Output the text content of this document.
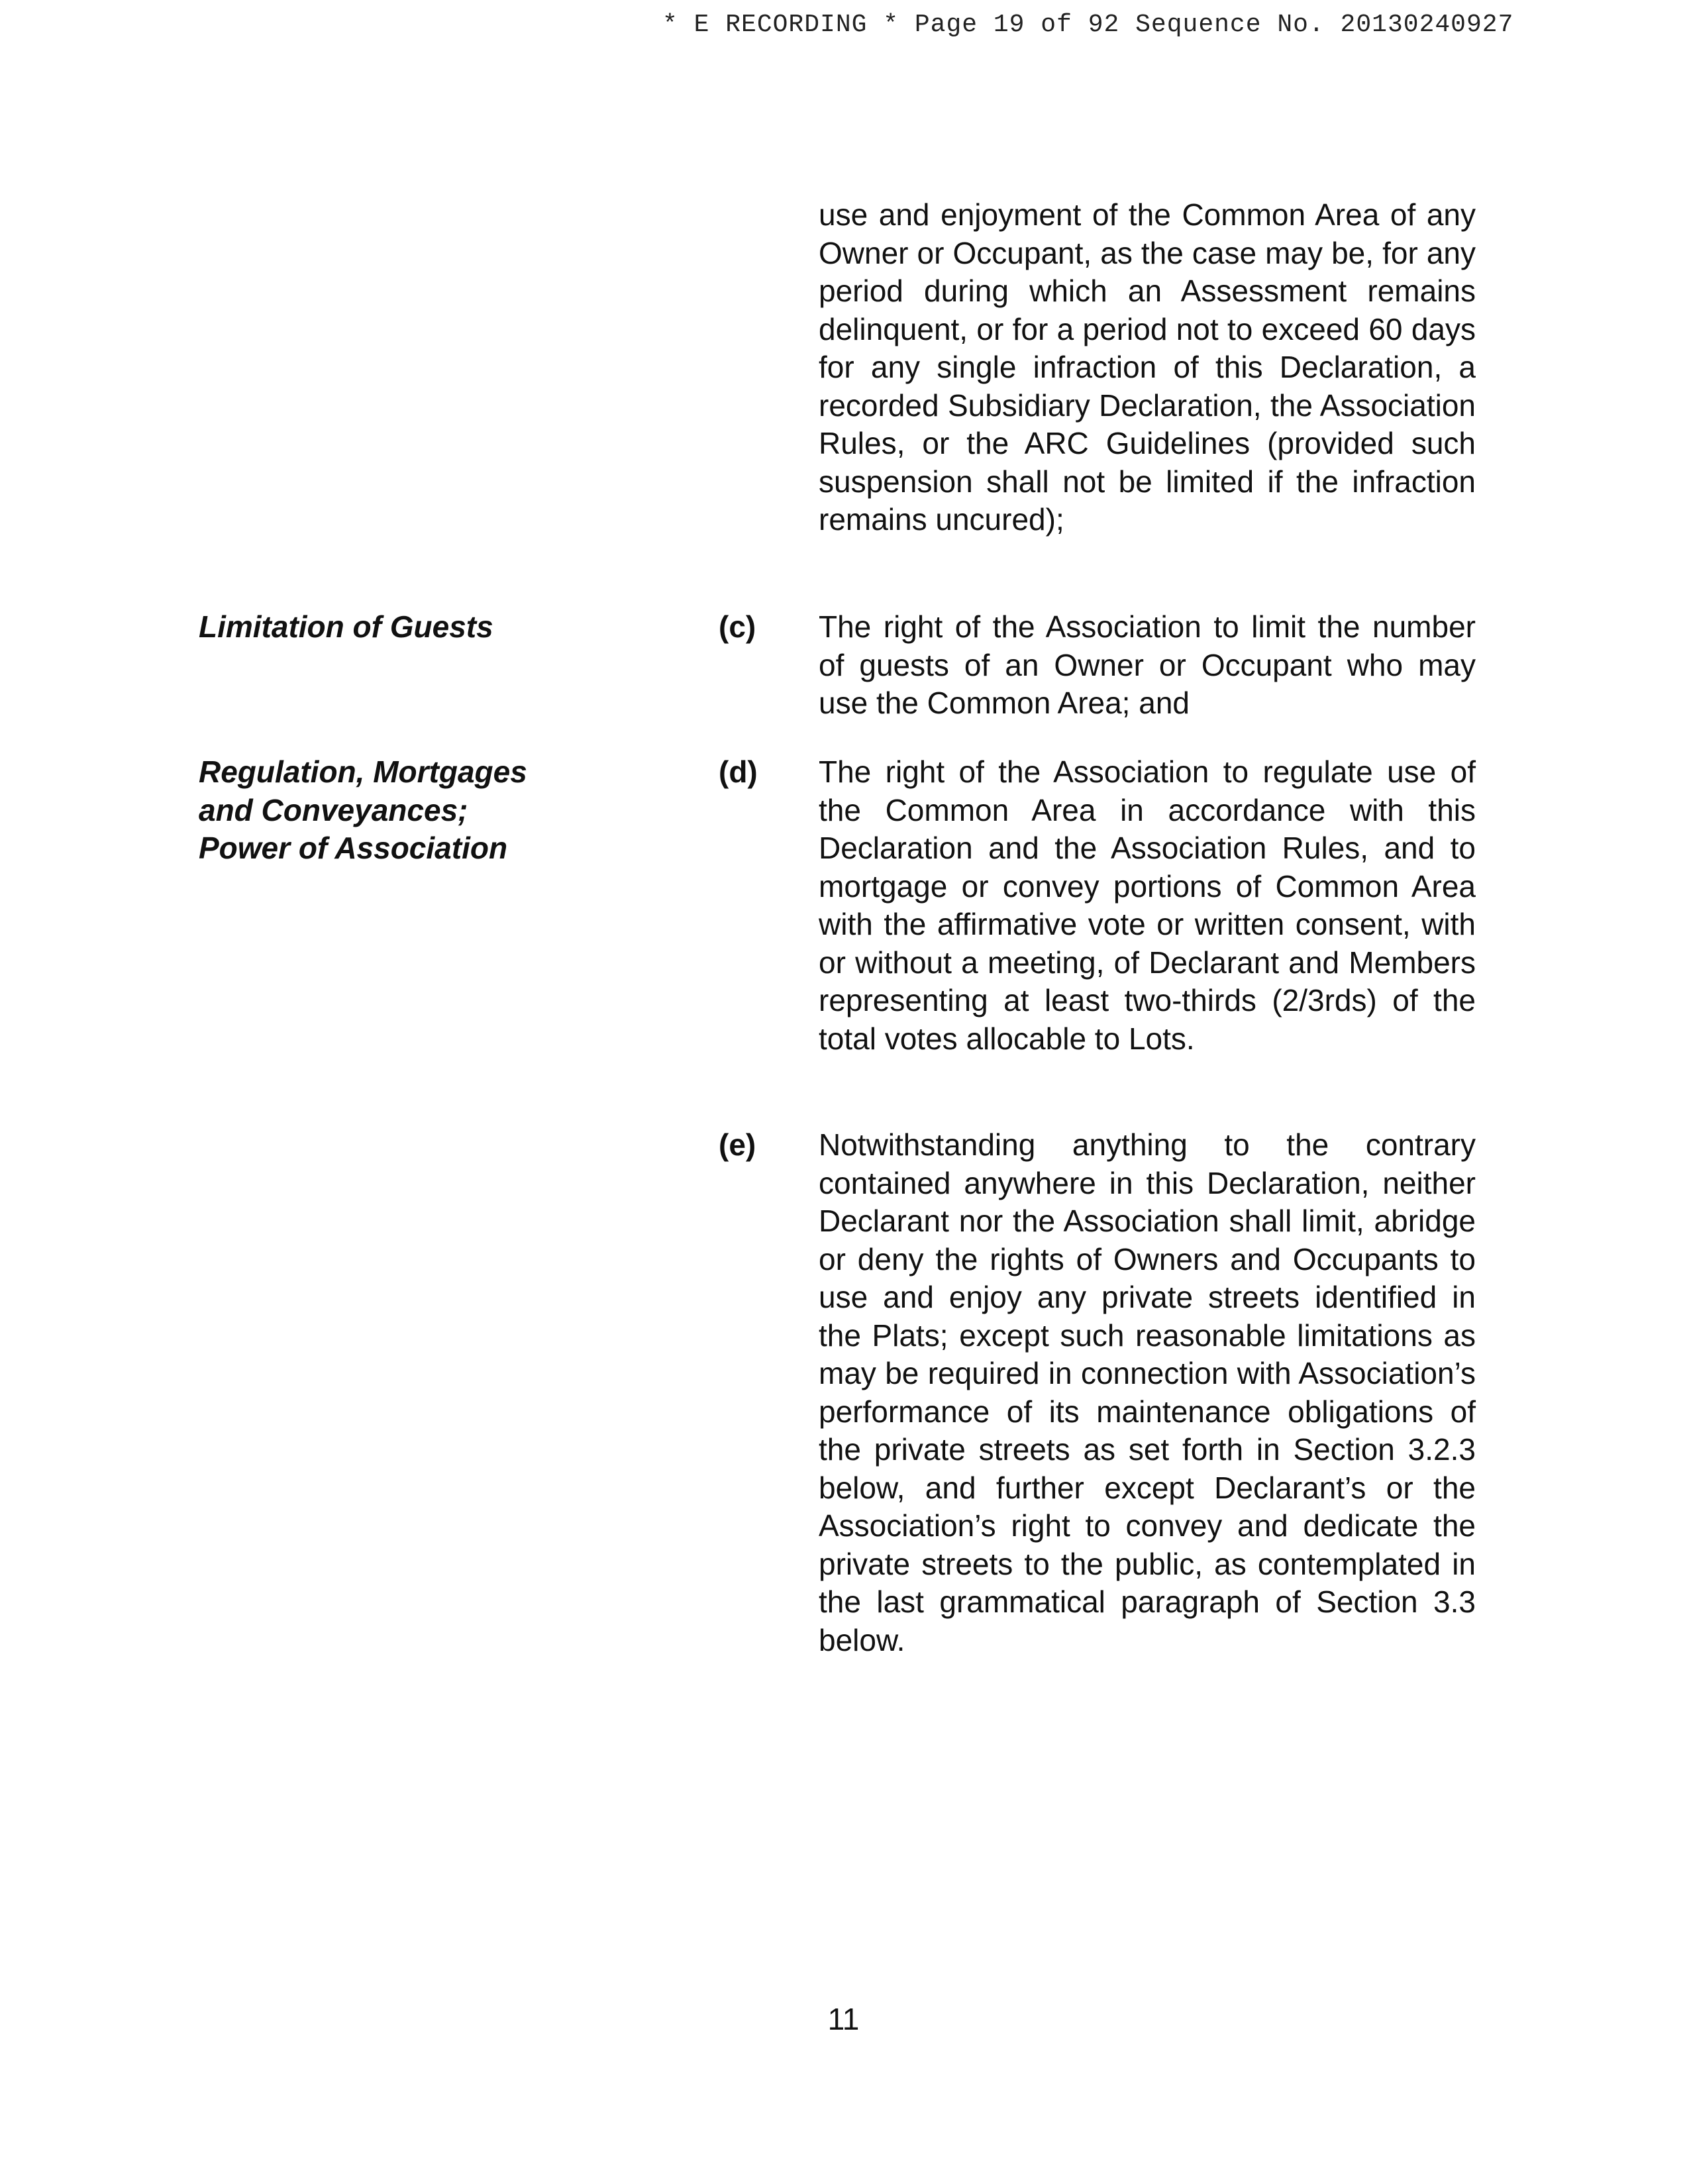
* E RECORDING * Page 19 of 92 Sequence No. 20130240927
use and enjoyment of the Common Area of any Owner or Occupant, as the case may be, for any period during which an Assessment remains delinquent, or for a period not to exceed 60 days for any single infraction of this Declaration, a recorded Subsidiary Declaration, the Association Rules, or the ARC Guidelines (provided such suspension shall not be limited if the infraction remains uncured);
Limitation of Guests	(c) The right of the Association to limit the number of guests of an Owner or Occupant who may use the Common Area; and
Regulation, Mortgages
and Conveyances;
Power of Association
(d) The right of the Association to regulate use of the Common Area in accordance with this Declaration and the Association Rules, and to mortgage or convey portions of Common Area with the affirmative vote or written consent, with or without a meeting, of Declarant and Members representing at least two-thirds (2/3rds) of the total votes allocable to Lots.
(e) Notwithstanding anything to the contrary contained anywhere in this Declaration, neither Declarant nor the Association shall limit, abridge or deny the rights of Owners and Occupants to use and enjoy any private streets identified in the Plats; except such reasonable limitations as may be required in connection with Association’s performance of its maintenance obligations of the private streets as set forth in Section 3.2.3 below, and further except Declarant’s or the Association’s right to convey and dedicate the private streets to the public, as contemplated in the last grammatical paragraph of Section 3.3 below.
11
